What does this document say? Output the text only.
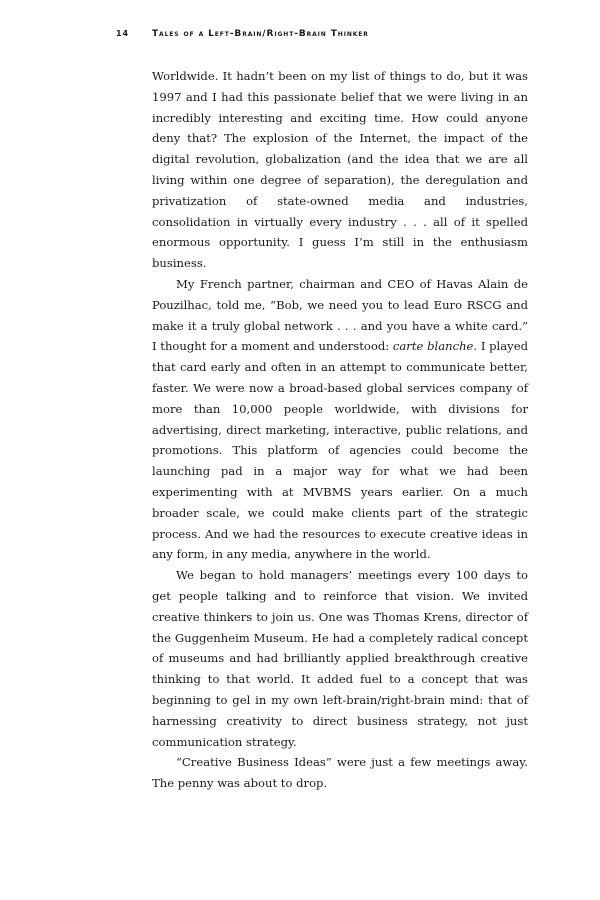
14	Tales of a Left-Brain/Right-Brain Thinker

Worldwide. It hadn’t been on my list of things to do, but it was 1997 and I had this passionate belief that we were living in an incredibly interesting and exciting time. How could anyone deny that? The explosion of the Internet, the impact of the digital revolution, globalization (and the idea that we are all living within one degree of separation), the deregulation and privatization of state-owned media and industries, consolidation in virtually every industry . . . all of it spelled enormous opportunity. I guess I’m still in the enthusiasm business.

My French partner, chairman and CEO of Havas Alain de Pouzilhac, told me, “Bob, we need you to lead Euro RSCG and make it a truly global network . . . and you have a white card.” I thought for a moment and understood: carte blanche. I played that card early and often in an attempt to communicate better, faster. We were now a broad-based global services company of more than 10,000 people worldwide, with divisions for advertising, direct marketing, interactive, public relations, and promotions. This platform of agencies could become the launching pad in a major way for what we had been experimenting with at MVBMS years earlier. On a much broader scale, we could make clients part of the strategic process. And we had the resources to execute creative ideas in any form, in any media, anywhere in the world.

We began to hold managers’ meetings every 100 days to get people talking and to reinforce that vision. We invited creative thinkers to join us. One was Thomas Krens, director of the Guggenheim Museum. He had a completely radical concept of museums and had brilliantly applied breakthrough creative thinking to that world. It added fuel to a concept that was beginning to gel in my own left-brain/right-brain mind: that of harnessing creativity to direct business strategy, not just communication strategy.

“Creative Business Ideas” were just a few meetings away. The penny was about to drop.
